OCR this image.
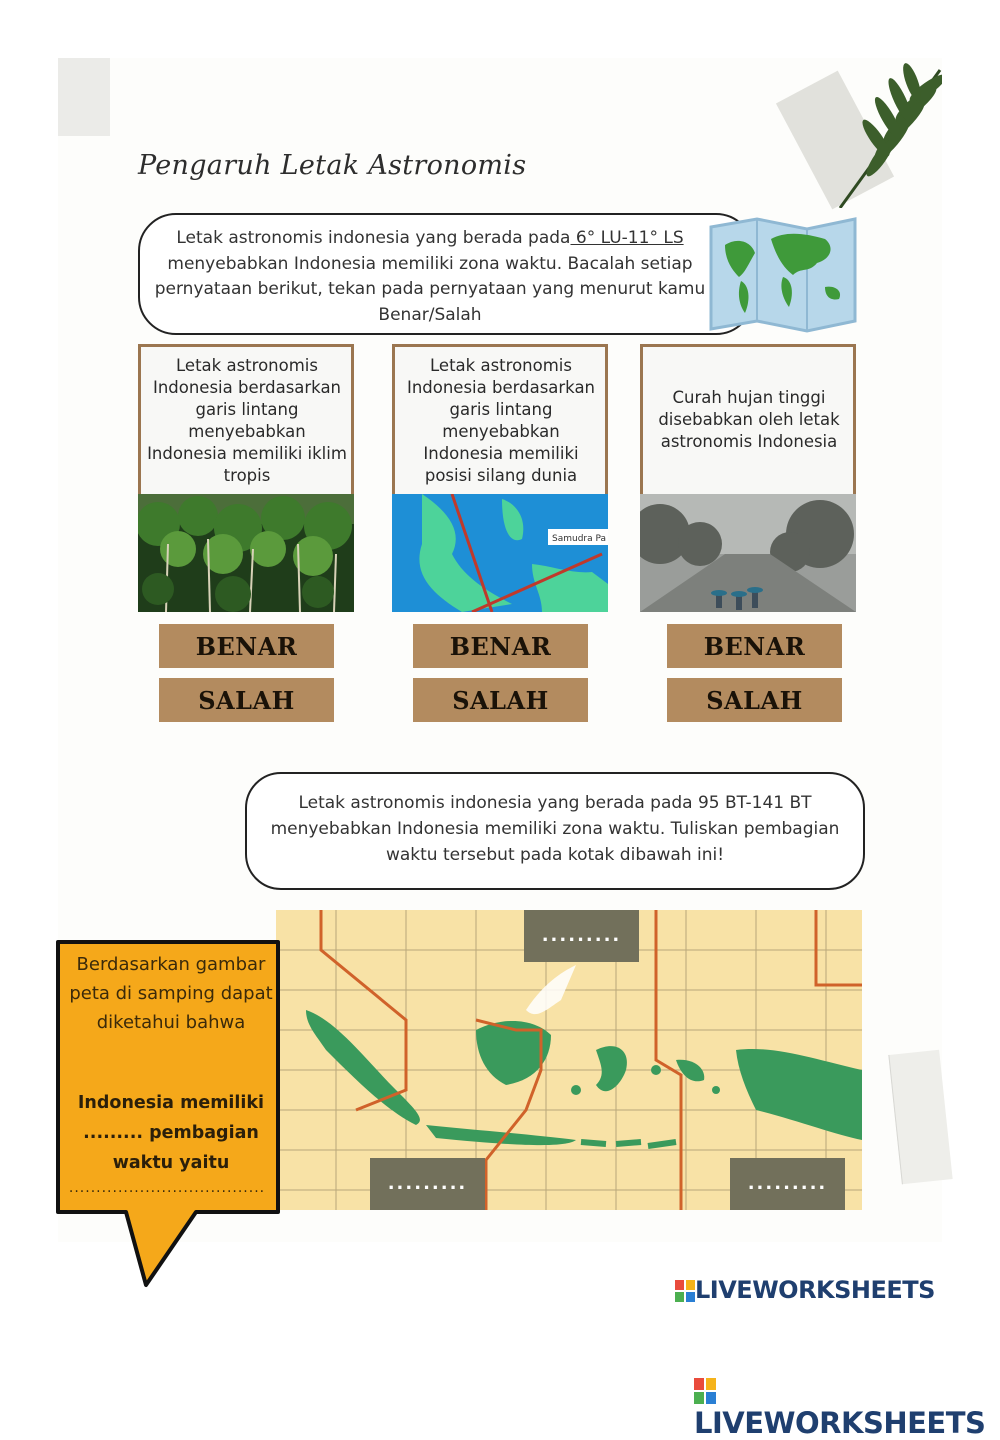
Pengaruh Letak Astronomis
Letak astronomis indonesia yang berada pada 6° LU-11° LS menyebabkan Indonesia memiliki zona waktu. Bacalah setiap pernyataan berikut, tekan pada pernyataan yang menurut kamu Benar/Salah
Letak astronomis Indonesia berdasarkan garis lintang menyebabkan Indonesia memiliki iklim tropis
Letak astronomis Indonesia berdasarkan garis lintang menyebabkan Indonesia memiliki posisi silang dunia
Samudra Pa
Curah hujan tinggi disebabkan oleh letak astronomis Indonesia
BENAR
SALAH
BENAR
SALAH
BENAR
SALAH
Letak astronomis indonesia yang berada pada 95 BT-141 BT menyebabkan Indonesia memiliki zona waktu. Tuliskan pembagian waktu tersebut pada kotak dibawah ini!
.........
.........	.........
Berdasarkan gambar peta di samping dapat diketahui bahwa
Indonesia memiliki
......... pembagian
waktu yaitu
....................................
LIVEWORKSHEETS
LIVEWORKSHEETS
